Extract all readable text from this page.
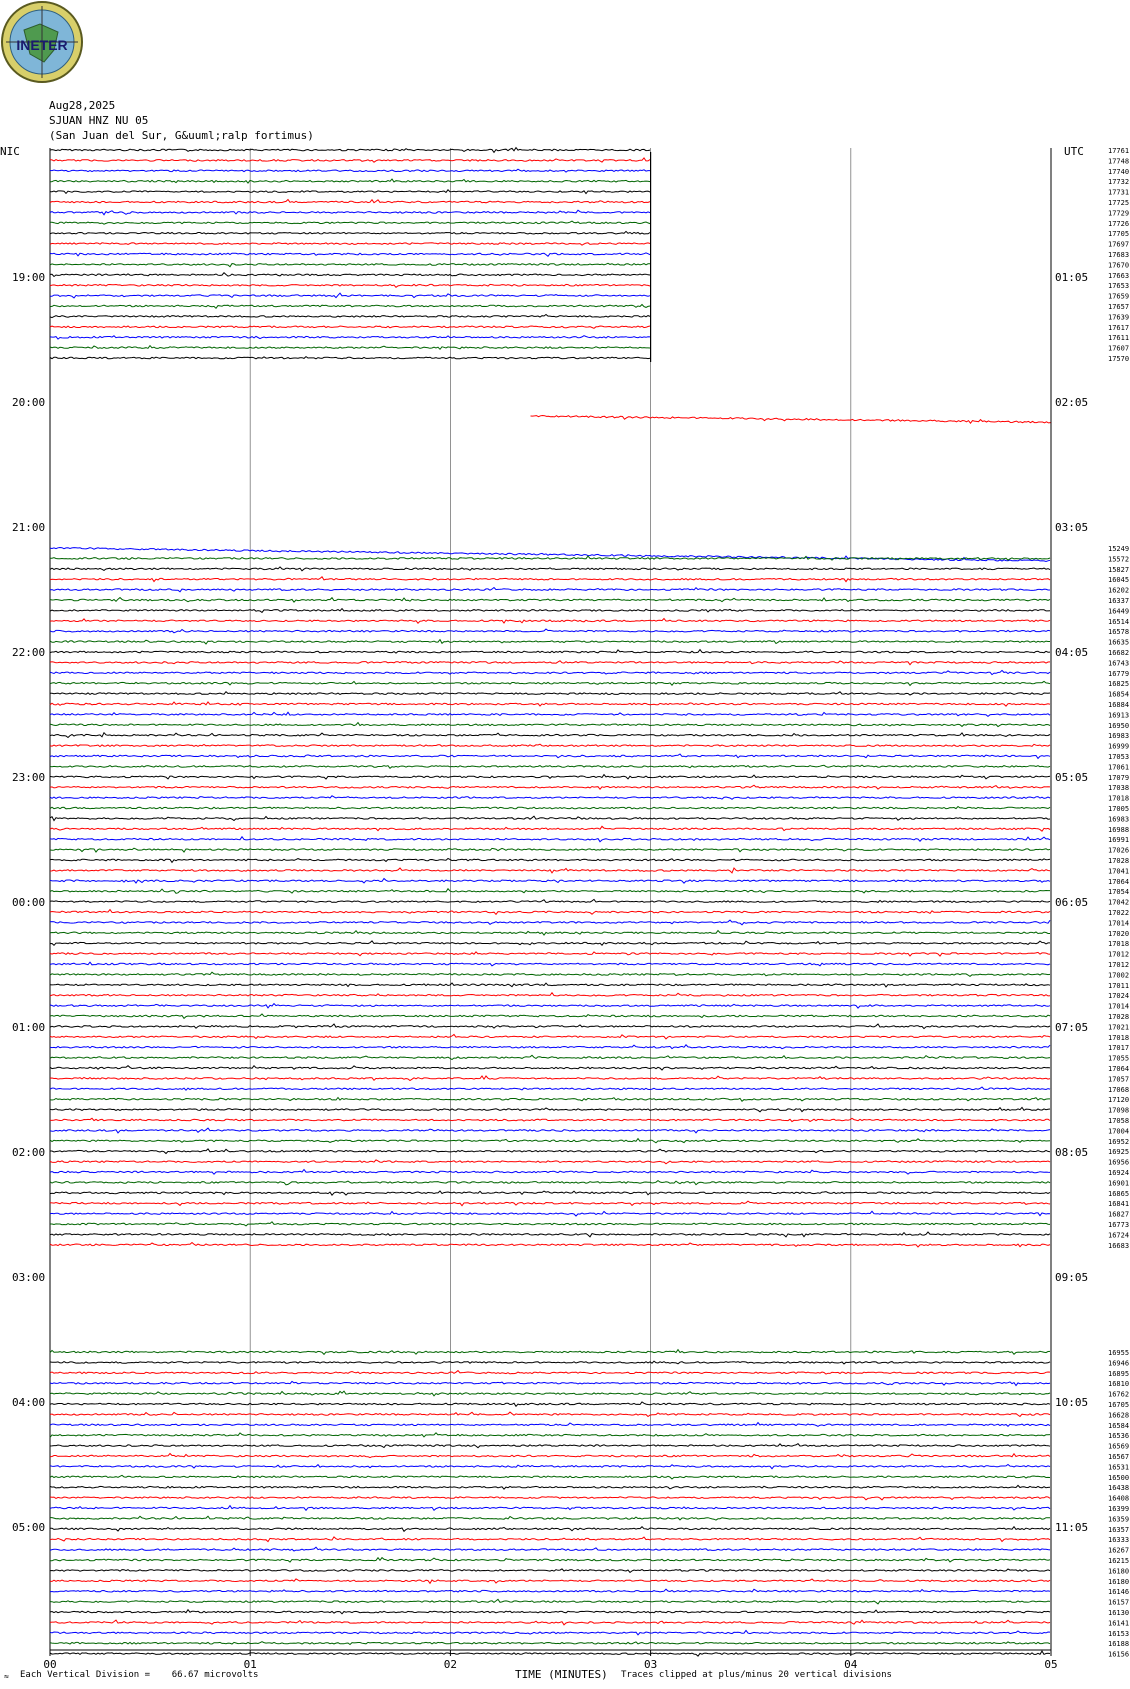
INETER
Aug28,2025
SJUAN HNZ NU 05
(San Juan del Sur, G&uuml;ralp fortimus)
NIC	UTC
00	01	02	03	04	05
19:00	01:05
20:00	02:05
21:00	03:05
22:00	04:05
23:00	05:05
00:00	06:05
01:00	07:05
02:00	08:05
03:00	09:05
04:00	10:05
05:00	11:05
17761
17748
17740
17732
17731
17725
17729
17726
17705
17697
17683
17670
17663
17653
17659
17657
17639
17617
17611
17607
17570
15249
15572
15827
16045
16202
16337
16449
16514
16578
16635
16682
16743
16779
16825
16854
16884
16913
16950
16983
16999
17053
17061
17079
17038
17018
17005
16983
16988
16991
17026
17028
17041
17064
17054
17042
17022
17014
17020
17018
17012
17012
17002
17011
17024
17014
17028
17021
17018
17017
17055
17064
17057
17068
17120
17098
17058
17004
16952
16925
16956
16924
16901
16865
16841
16827
16773
16724
16683
16955
16946
16895
16810
16762
16705
16628
16584
16536
16569
16567
16531
16500
16438
16408
16399
16359
16357
16333
16267
16215
16180
16180
16146
16157
16130
16141
16153
16188
16156
≈ Each Vertical Division =    66.67 microvolts	TIME (MINUTES) Traces clipped at plus/minus 20 vertical divisions
